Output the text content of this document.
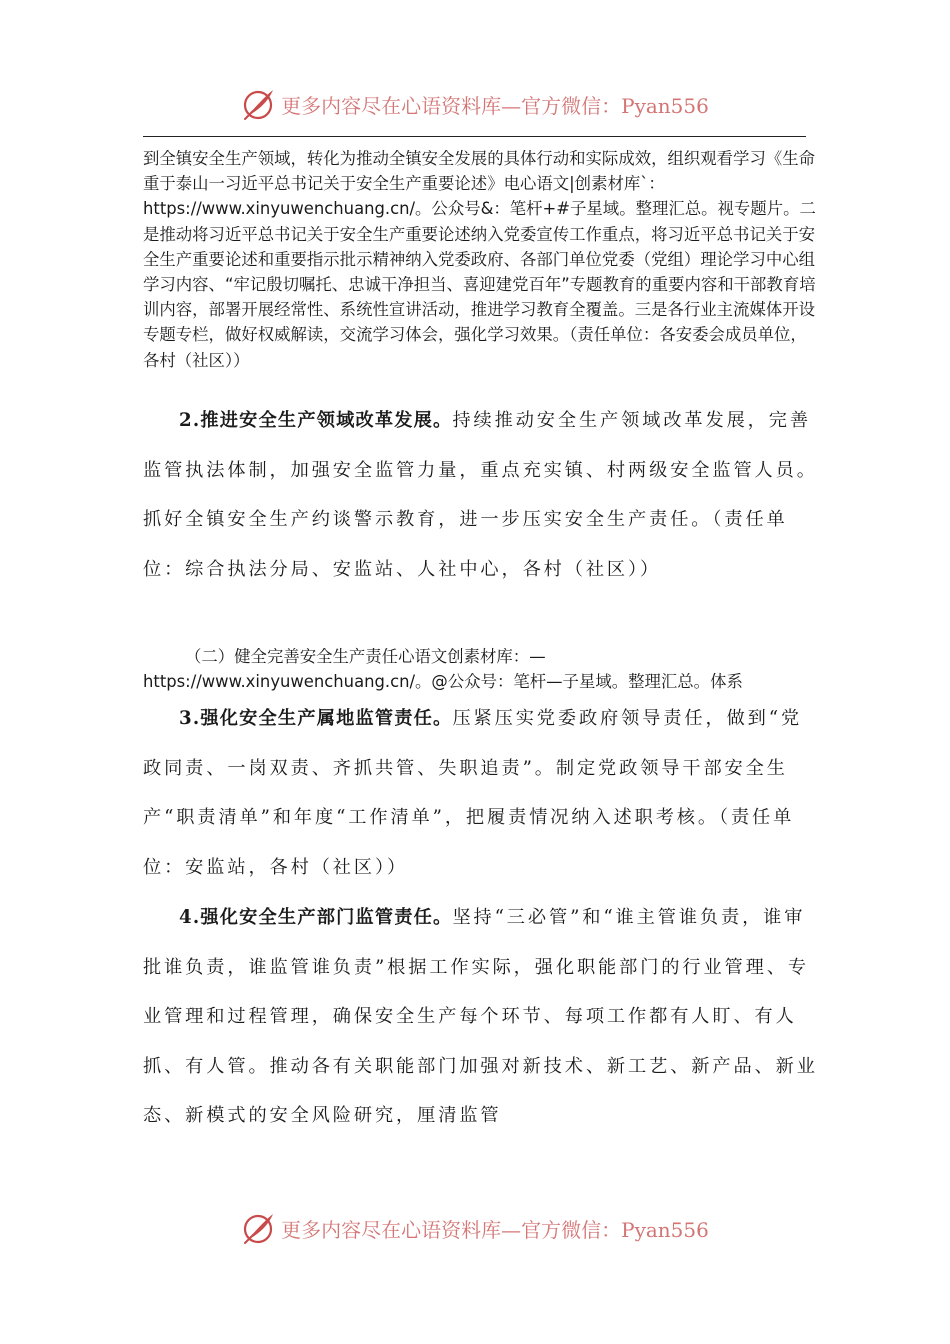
更多内容尽在心语资料库—官方微信：Pyan556

到全镇安全生产领域，转化为推动全镇安全发展的具体行动和实际成效，组织观看学习《生命重于泰山一习近平总书记关于安全生产重要论述》电心语文|创素材库`：https://www.xinyuwenchuang.cn/。公众号&：笔杆+#子星域。整理汇总。视专题片。二是推动将习近平总书记关于安全生产重要论述纳入党委宣传工作重点，将习近平总书记关于安全生产重要论述和重要指示批示精神纳入党委政府、各部门单位党委（党组）理论学习中心组学习内容、“牢记殷切嘱托、忠诚干净担当、喜迎建党百年”专题教育的重要内容和干部教育培训内容，部署开展经常性、系统性宣讲活动，推进学习教育全覆盖。三是各行业主流媒体开设专题专栏，做好权威解读，交流学习体会，强化学习效果。（责任单位：各安委会成员单位，各村（社区））

2.推进安全生产领域改革发展。持续推动安全生产领域改革发展，完善监管执法体制，加强安全监管力量，重点充实镇、村两级安全监管人员。抓好全镇安全生产约谈警示教育，进一步压实安全生产责任。（责任单位：综合执法分局、安监站、人社中心，各村（社区））

（二）健全完善安全生产责任心语文创素材库：—https://www.xinyuwenchuang.cn/。@公众号：笔杆—子星域。整理汇总。体系

3.强化安全生产属地监管责任。压紧压实党委政府领导责任，做到“党政同责、一岗双责、齐抓共管、失职追责”。制定党政领导干部安全生产“职责清单”和年度“工作清单”，把履责情况纳入述职考核。（责任单位：安监站，各村（社区））

4.强化安全生产部门监管责任。坚持“三必管”和“谁主管谁负责，谁审批谁负责，谁监管谁负责”根据工作实际，强化职能部门的行业管理、专业管理和过程管理，确保安全生产每个环节、每项工作都有人盯、有人抓、有人管。推动各有关职能部门加强对新技术、新工艺、新产品、新业态、新模式的安全风险研究，厘清监管

更多内容尽在心语资料库—官方微信：Pyan556
